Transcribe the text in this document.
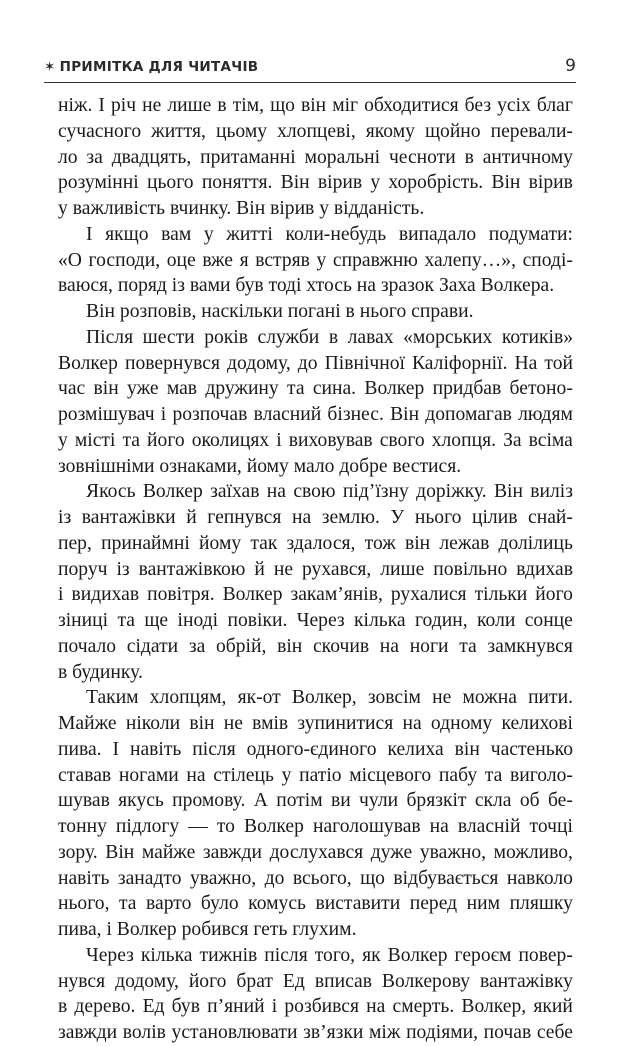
✶ ПРИМІТКА ДЛЯ ЧИТАЧІВ	9
ніж. І річ не лише в тім, що він міг обходитися без усіх благ
сучасного життя, цьому хлопцеві, якому щойно перевали-
ло за двадцять, притаманні моральні чесноти в античному
розумінні цього поняття. Він вірив у хоробрість. Він вірив
у важливість вчинку. Він вірив у відданість.
І якщо вам у житті коли-небудь випадало подумати:
«О господи, оце вже я встряв у справжню халепу…», споді-
ваюся, поряд із вами був тоді хтось на зразок Заха Волкера.
Він розповів, наскільки погані в нього справи.
Після шести років служби в лавах «морських котиків»
Волкер повернувся додому, до Північної Каліфорнії. На той
час він уже мав дружину та сина. Волкер придбав бетоно-
розмішувач і розпочав власний бізнес. Він допомагав людям
у місті та його околицях і виховував свого хлопця. За всіма
зовнішніми ознаками, йому мало добре вестися.
Якось Волкер заїхав на свою під’їзну доріжку. Він виліз
із вантажівки й гепнувся на землю. У нього цілив снай-
пер, принаймні йому так здалося, тож він лежав долілиць
поруч із вантажівкою й не рухався, лише повільно вдихав
і видихав повітря. Волкер закам’янів, рухалися тільки його
зіниці та ще іноді повіки. Через кілька годин, коли сонце
почало сідати за обрій, він скочив на ноги та замкнувся
в будинку.
Таким хлопцям, як-от Волкер, зовсім не можна пити.
Майже ніколи він не вмів зупинитися на одному келихові
пива. І навіть після одного-єдиного келиха він частенько
ставав ногами на стілець у патіо місцевого пабу та виголо-
шував якусь промову. А потім ви чули брязкіт скла об бе-
тонну підлогу — то Волкер наголошував на власній точці
зору. Він майже завжди дослухався дуже уважно, можливо,
навіть занадто уважно, до всього, що відбувається навколо
нього, та варто було комусь виставити перед ним пляшку
пива, і Волкер робився геть глухим.
Через кілька тижнів після того, як Волкер героєм повер-
нувся додому, його брат Ед вписав Волкерову вантажівку
в дерево. Ед був п’яний і розбився на смерть. Волкер, який
завжди волів установлювати зв’язки між подіями, почав себе
